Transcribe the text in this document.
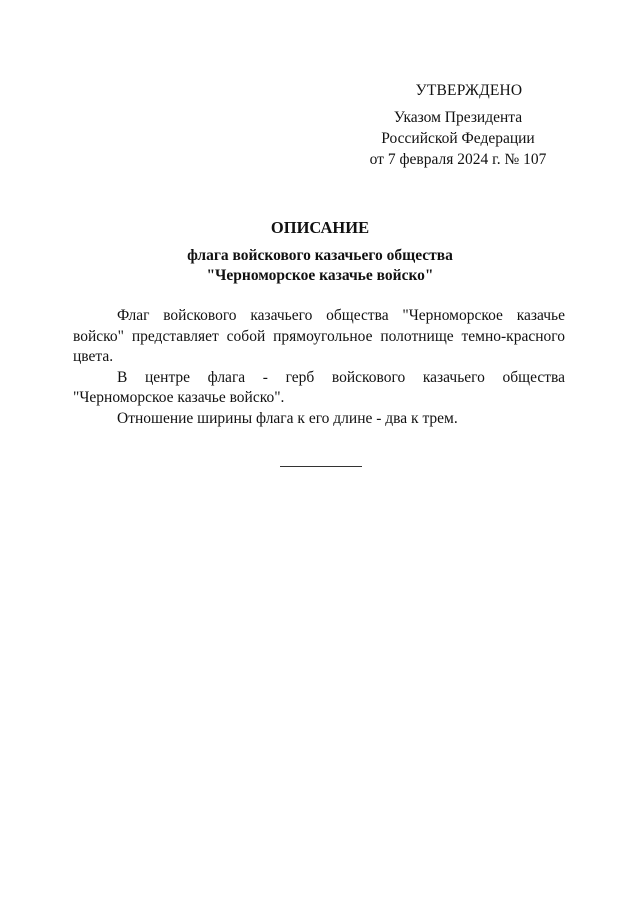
УТВЕРЖДЕНО
Указом Президента
Российской Федерации
от 7 февраля 2024 г. № 107
ОПИСАНИЕ
флага войскового казачьего общества
"Черноморское казачье войско"

Флаг войскового казачьего общества "Черноморское казачье войско" представляет собой прямоугольное полотнище темно-красного цвета.

В центре флага - герб войскового казачьего общества "Черноморское казачье войско".

Отношение ширины флага к его длине - два к трем.
